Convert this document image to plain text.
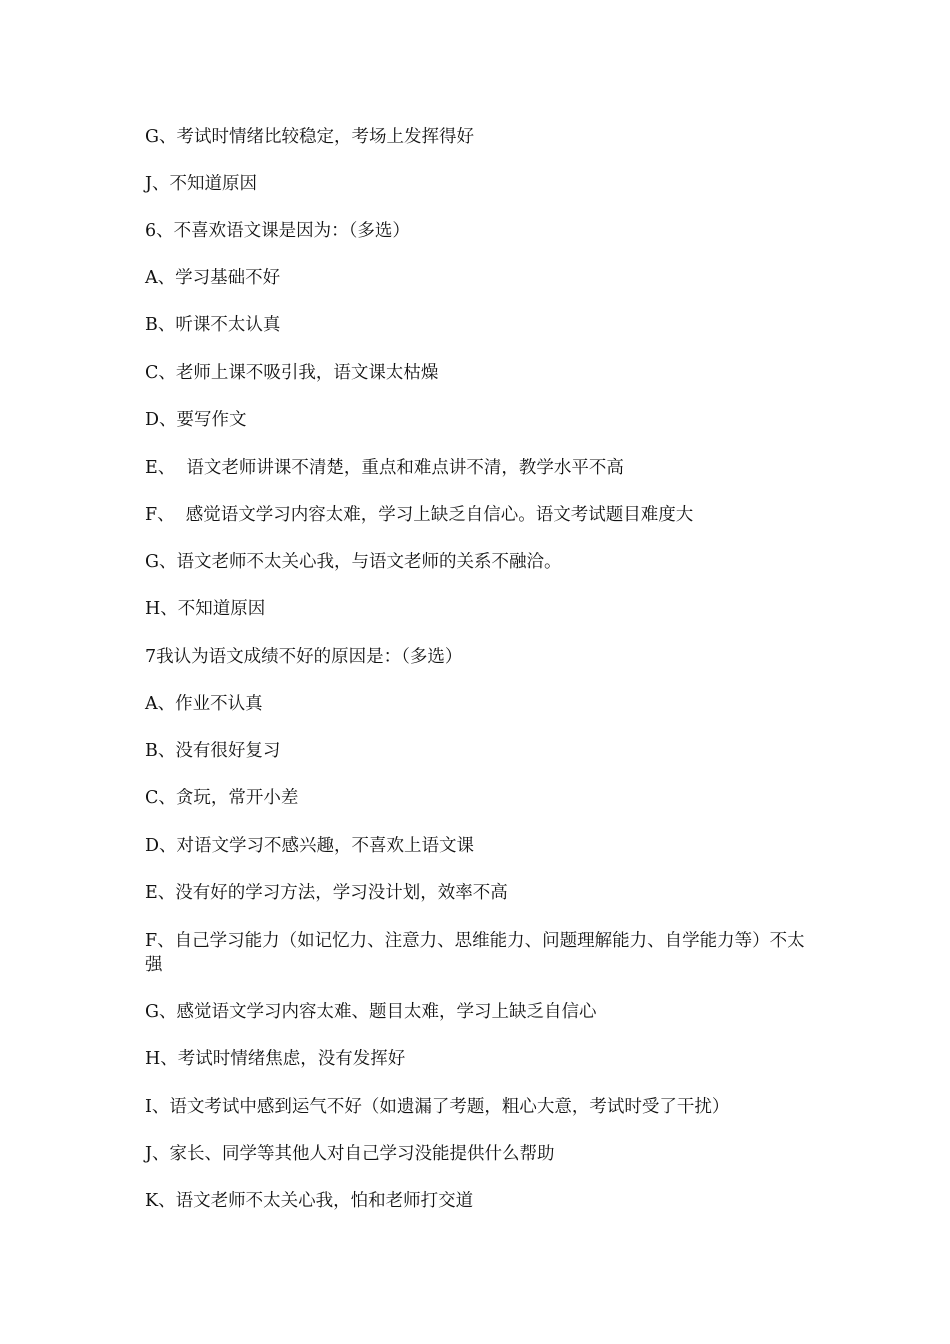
G、考试时情绪比较稳定，考场上发挥得好
J、不知道原因
6、不喜欢语文课是因为：（多选）
A、学习基础不好
B、听课不太认真
C、老师上课不吸引我，语文课太枯燥
D、要写作文
E、  语文老师讲课不清楚，重点和难点讲不清，教学水平不高
F、  感觉语文学习内容太难，学习上缺乏自信心。语文考试题目难度大
G、语文老师不太关心我，与语文老师的关系不融洽。
H、不知道原因
7我认为语文成绩不好的原因是：（多选）
A、作业不认真
B、没有很好复习
C、贪玩，常开小差
D、对语文学习不感兴趣，不喜欢上语文课
E、没有好的学习方法，学习没计划，效率不高
F、自己学习能力（如记忆力、注意力、思维能力、问题理解能力、自学能力等）不太强
G、感觉语文学习内容太难、题目太难，学习上缺乏自信心
H、考试时情绪焦虑，没有发挥好
I、语文考试中感到运气不好（如遗漏了考题，粗心大意，考试时受了干扰）
J、家长、同学等其他人对自己学习没能提供什么帮助
K、语文老师不太关心我，怕和老师打交道
